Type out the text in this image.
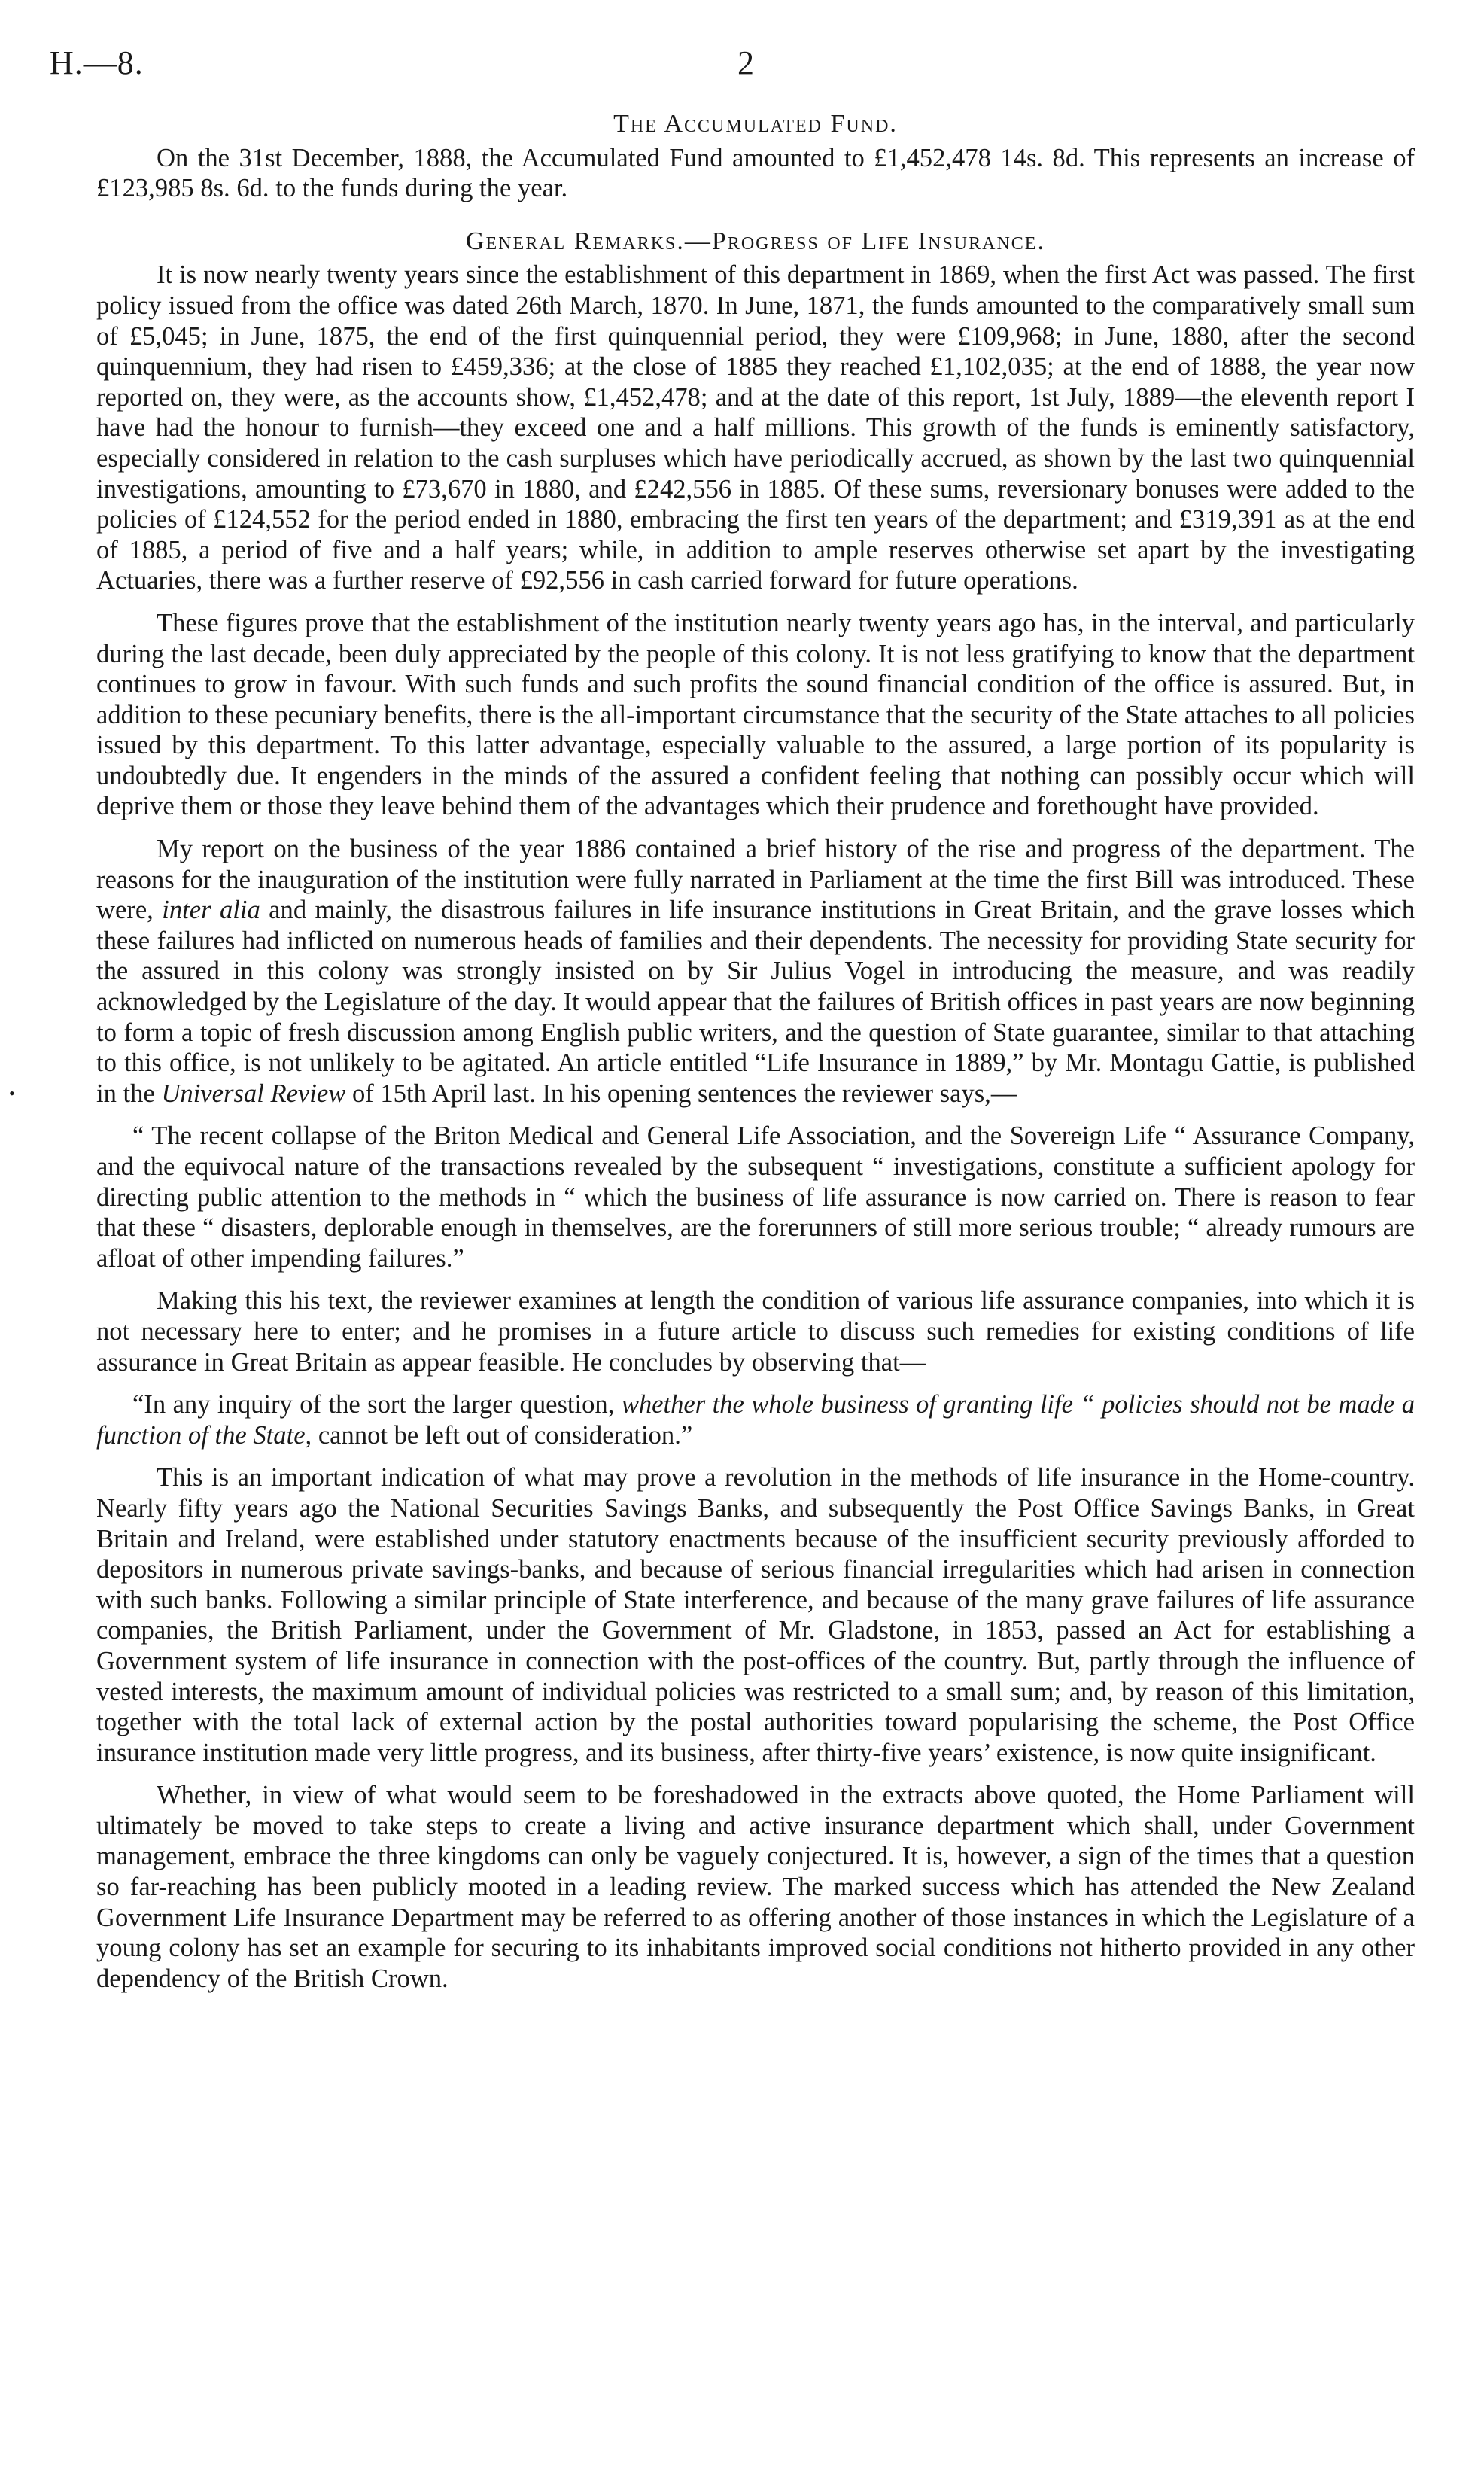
H.—8.	2
•
The Accumulated Fund.

On the 31st December, 1888, the Accumulated Fund amounted to £1,452,478 14s. 8d. This represents an increase of £123,985 8s. 6d. to the funds during the year.

General Remarks.—Progress of Life Insurance.

It is now nearly twenty years since the establishment of this department in 1869, when the first Act was passed. The first policy issued from the office was dated 26th March, 1870. In June, 1871, the funds amounted to the comparatively small sum of £5,045; in June, 1875, the end of the first quinquennial period, they were £109,968; in June, 1880, after the second quinquennium, they had risen to £459,336; at the close of 1885 they reached £1,102,035; at the end of 1888, the year now reported on, they were, as the accounts show, £1,452,478; and at the date of this report, 1st July, 1889—the eleventh report I have had the honour to furnish—they exceed one and a half millions. This growth of the funds is eminently satisfactory, especially considered in relation to the cash surpluses which have periodically accrued, as shown by the last two quinquennial investigations, amounting to £73,670 in 1880, and £242,556 in 1885. Of these sums, reversionary bonuses were added to the policies of £124,552 for the period ended in 1880, embracing the first ten years of the department; and £319,391 as at the end of 1885, a period of five and a half years; while, in addition to ample reserves otherwise set apart by the investigating Actuaries, there was a further reserve of £92,556 in cash carried forward for future operations.

These figures prove that the establishment of the institution nearly twenty years ago has, in the interval, and particularly during the last decade, been duly appreciated by the people of this colony. It is not less gratifying to know that the department continues to grow in favour. With such funds and such profits the sound financial condition of the office is assured. But, in addition to these pecuniary benefits, there is the all-important circumstance that the security of the State attaches to all policies issued by this department. To this latter advantage, especially valuable to the assured, a large portion of its popularity is undoubtedly due. It engenders in the minds of the assured a confident feeling that nothing can possibly occur which will deprive them or those they leave behind them of the advantages which their prudence and forethought have provided.

My report on the business of the year 1886 contained a brief history of the rise and progress of the department. The reasons for the inauguration of the institution were fully narrated in Parliament at the time the first Bill was introduced. These were, inter alia and mainly, the disastrous failures in life insurance institutions in Great Britain, and the grave losses which these failures had inflicted on numerous heads of families and their dependents. The necessity for providing State security for the assured in this colony was strongly insisted on by Sir Julius Vogel in introducing the measure, and was readily acknowledged by the Legislature of the day. It would appear that the failures of British offices in past years are now beginning to form a topic of fresh discussion among English public writers, and the question of State guarantee, similar to that attaching to this office, is not unlikely to be agitated. An article entitled “Life Insurance in 1889,” by Mr. Montagu Gattie, is published in the Universal Review of 15th April last. In his opening sentences the reviewer says,—

“ The recent collapse of the Briton Medical and General Life Association, and the Sovereign Life “ Assurance Company, and the equivocal nature of the transactions revealed by the subsequent “ investigations, constitute a sufficient apology for directing public attention to the methods in “ which the business of life assurance is now carried on. There is reason to fear that these “ disasters, deplorable enough in themselves, are the forerunners of still more serious trouble; “ already rumours are afloat of other impending failures.”

Making this his text, the reviewer examines at length the condition of various life assurance companies, into which it is not necessary here to enter; and he promises in a future article to discuss such remedies for existing conditions of life assurance in Great Britain as appear feasible. He concludes by observing that—

“In any inquiry of the sort the larger question, whether the whole business of granting life “ policies should not be made a function of the State, cannot be left out of consideration.”

This is an important indication of what may prove a revolution in the methods of life insurance in the Home-country. Nearly fifty years ago the National Securities Savings Banks, and subsequently the Post Office Savings Banks, in Great Britain and Ireland, were established under statutory enactments because of the insufficient security previously afforded to depositors in numerous private savings-banks, and because of serious financial irregularities which had arisen in connection with such banks. Following a similar principle of State interference, and because of the many grave failures of life assurance companies, the British Parliament, under the Government of Mr. Gladstone, in 1853, passed an Act for establishing a Government system of life insurance in connection with the post-offices of the country. But, partly through the influence of vested interests, the maximum amount of individual policies was restricted to a small sum; and, by reason of this limitation, together with the total lack of external action by the postal authorities toward popularising the scheme, the Post Office insurance institution made very little progress, and its business, after thirty-five years’ existence, is now quite insignificant.

Whether, in view of what would seem to be foreshadowed in the extracts above quoted, the Home Parliament will ultimately be moved to take steps to create a living and active insurance department which shall, under Government management, embrace the three kingdoms can only be vaguely conjectured. It is, however, a sign of the times that a question so far-reaching has been publicly mooted in a leading review. The marked success which has attended the New Zealand Government Life Insurance Department may be referred to as offering another of those instances in which the Legislature of a young colony has set an example for securing to its inhabitants improved social conditions not hitherto provided in any other dependency of the British Crown.
